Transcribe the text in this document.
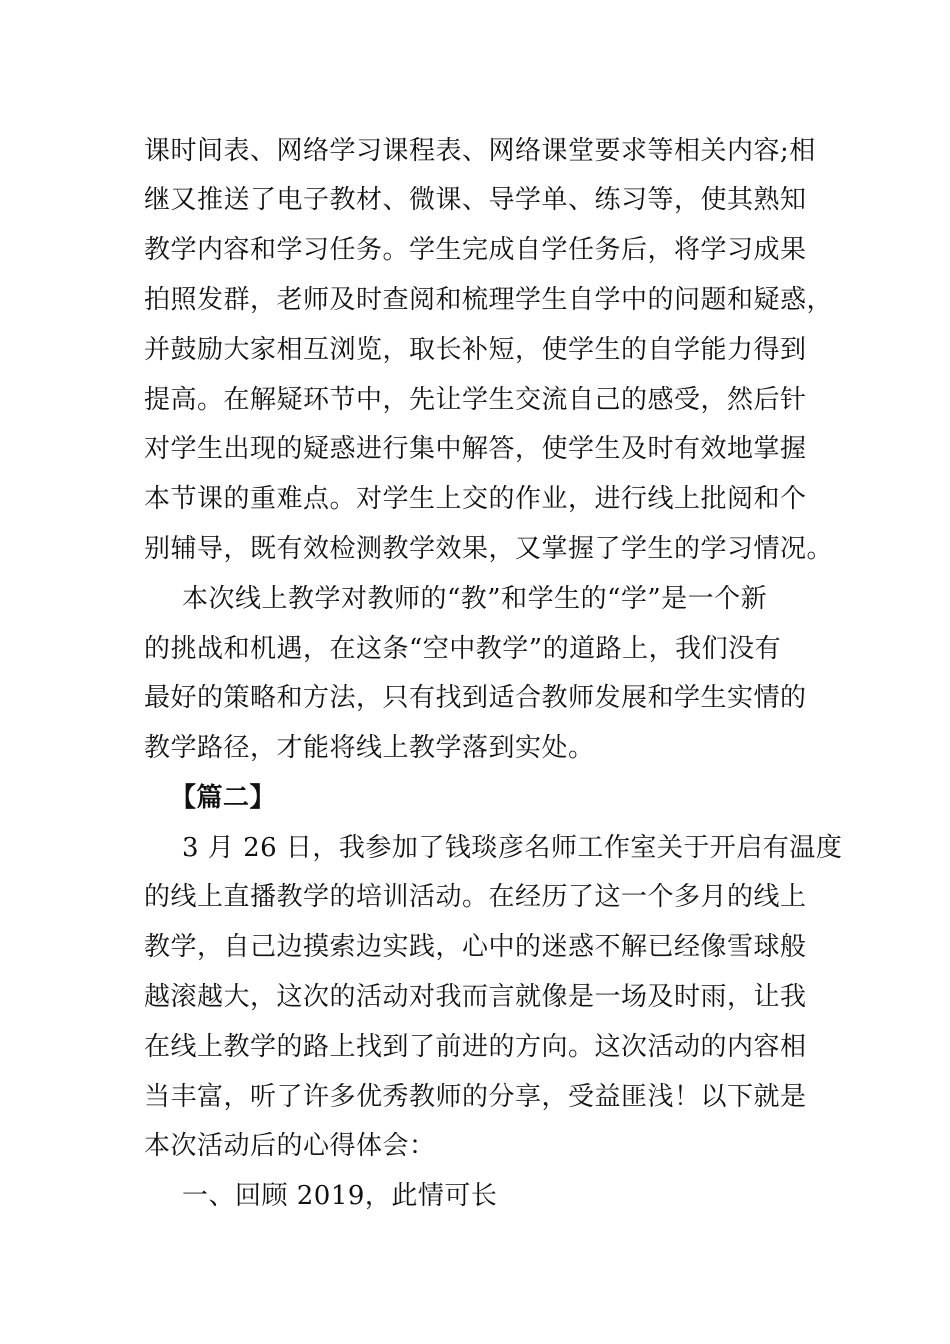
课时间表、网络学习课程表、网络课堂要求等相关内容;相
继又推送了电子教材、微课、导学单、练习等，使其熟知
教学内容和学习任务。学生完成自学任务后，将学习成果
拍照发群，老师及时查阅和梳理学生自学中的问题和疑惑，
并鼓励大家相互浏览，取长补短，使学生的自学能力得到
提高。在解疑环节中，先让学生交流自己的感受，然后针
对学生出现的疑惑进行集中解答，使学生及时有效地掌握
本节课的重难点。对学生上交的作业，进行线上批阅和个
别辅导，既有效检测教学效果，又掌握了学生的学习情况。
本次线上教学对教师的“教”和学生的“学”是一个新
的挑战和机遇，在这条“空中教学”的道路上，我们没有
最好的策略和方法，只有找到适合教师发展和学生实情的
教学路径，才能将线上教学落到实处。
【篇二】
3 月 26 日，我参加了钱琰彦名师工作室关于开启有温度
的线上直播教学的培训活动。在经历了这一个多月的线上
教学，自己边摸索边实践，心中的迷惑不解已经像雪球般
越滚越大，这次的活动对我而言就像是一场及时雨，让我
在线上教学的路上找到了前进的方向。这次活动的内容相
当丰富，听了许多优秀教师的分享，受益匪浅！以下就是
本次活动后的心得体会：
一、回顾 2019，此情可长
